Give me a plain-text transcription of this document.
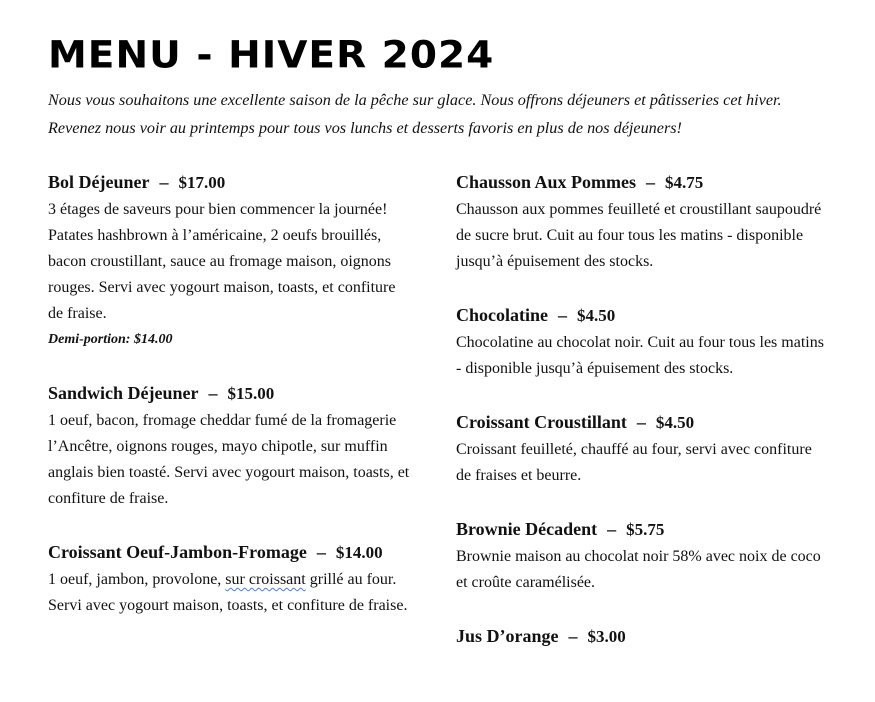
MENU - HIVER 2024

Nous vous souhaitons une excellente saison de la pêche sur glace. Nous offrons déjeuners et pâtisseries cet hiver.

Revenez nous voir au printemps pour tous vos lunchs et desserts favoris en plus de nos déjeuners!

Bol Déjeuner – $17.00

3 étages de saveurs pour bien commencer la journée! Patates hashbrown à l’américaine, 2 oeufs brouillés, bacon croustillant, sauce au fromage maison, oignons rouges. Servi avec yogourt maison, toasts, et confiture de fraise.

Demi-portion: $14.00
Sandwich Déjeuner – $15.00

1 oeuf, bacon, fromage cheddar fumé de la fromagerie l’Ancêtre, oignons rouges, mayo chipotle, sur muffin anglais bien toasté. Servi avec yogourt maison, toasts, et confiture de fraise.

Croissant Oeuf-Jambon-Fromage – $14.00

1 oeuf, jambon, provolone, sur croissant grillé au four. Servi avec yogourt maison, toasts, et confiture de fraise.

Chausson Aux Pommes – $4.75

Chausson aux pommes feuilleté et croustillant saupoudré de sucre brut. Cuit au four tous les matins - disponible jusqu’à épuisement des stocks.

Chocolatine – $4.50

Chocolatine au chocolat noir. Cuit au four tous les matins - disponible jusqu’à épuisement des stocks.

Croissant Croustillant – $4.50

Croissant feuilleté, chauffé au four, servi avec confiture de fraises et beurre.

Brownie Décadent – $5.75

Brownie maison au chocolat noir 58% avec noix de coco et croûte caramélisée.

Jus D’orange – $3.00
